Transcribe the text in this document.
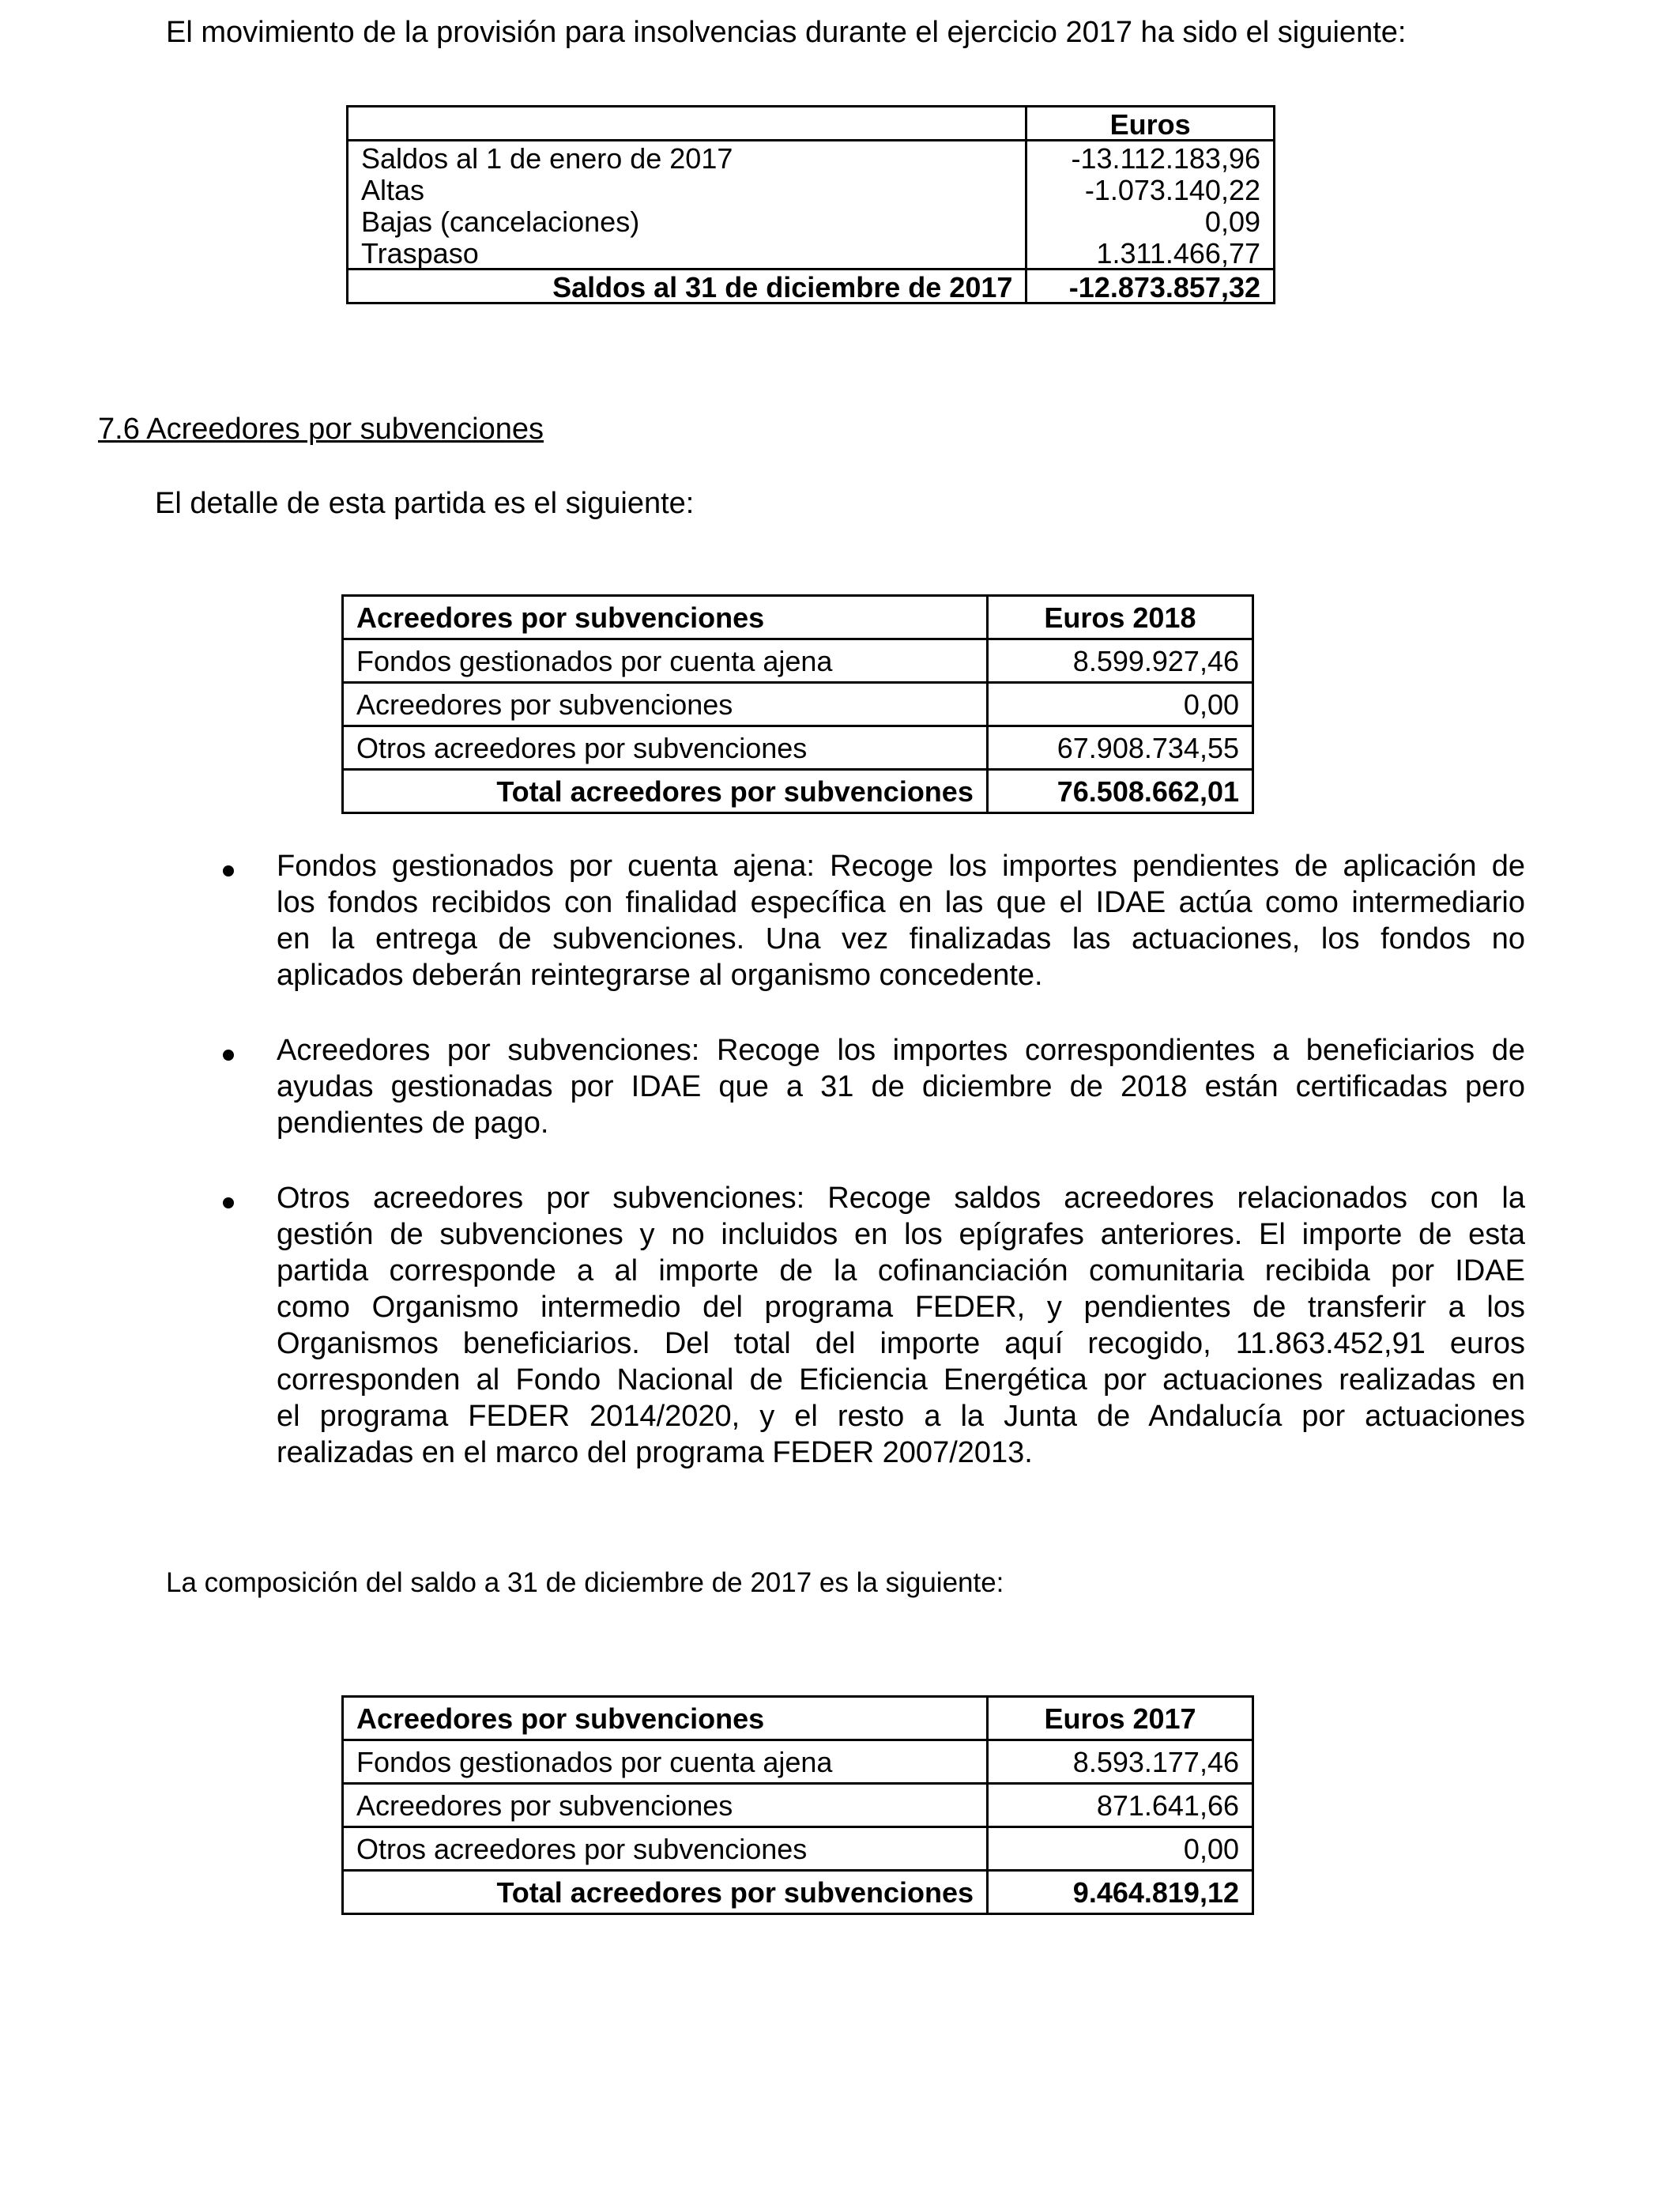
El movimiento de la provisión para insolvencias durante el ejercicio 2017 ha sido el siguiente:
	Euros
Saldos al 1 de enero de 2017	-13.112.183,96
Altas	-1.073.140,22
Bajas (cancelaciones)	0,09
Traspaso	1.311.466,77
Saldos al 31 de diciembre de 2017	-12.873.857,32
7.6 Acreedores por subvenciones
El detalle de esta partida es el siguiente:
Acreedores por subvenciones	Euros 2018
Fondos gestionados por cuenta ajena	8.599.927,46
Acreedores por subvenciones	0,00
Otros acreedores por subvenciones	67.908.734,55
Total acreedores por subvenciones	76.508.662,01
Fondos gestionados por cuenta ajena: Recoge los importes pendientes de aplicación de
los fondos recibidos con finalidad específica en las que el IDAE actúa como intermediario
en la entrega de subvenciones. Una vez finalizadas las actuaciones, los fondos no
aplicados deberán reintegrarse al organismo concedente.
Acreedores por subvenciones: Recoge los importes correspondientes a beneficiarios de
ayudas gestionadas por IDAE que a 31 de diciembre de 2018 están certificadas pero
pendientes de pago.
Otros acreedores por subvenciones: Recoge saldos acreedores relacionados con la
gestión de subvenciones y no incluidos en los epígrafes anteriores. El importe de esta
partida corresponde a al importe de la cofinanciación comunitaria recibida por IDAE
como Organismo intermedio del programa FEDER, y pendientes de transferir a los
Organismos beneficiarios. Del total del importe aquí recogido, 11.863.452,91 euros
corresponden al Fondo Nacional de Eficiencia Energética por actuaciones realizadas en
el programa FEDER 2014/2020, y el resto a la Junta de Andalucía por actuaciones
realizadas en el marco del programa FEDER 2007/2013.
La composición del saldo a 31 de diciembre de 2017 es la siguiente:
Acreedores por subvenciones	Euros 2017
Fondos gestionados por cuenta ajena	8.593.177,46
Acreedores por subvenciones	871.641,66
Otros acreedores por subvenciones	0,00
Total acreedores por subvenciones	9.464.819,12
